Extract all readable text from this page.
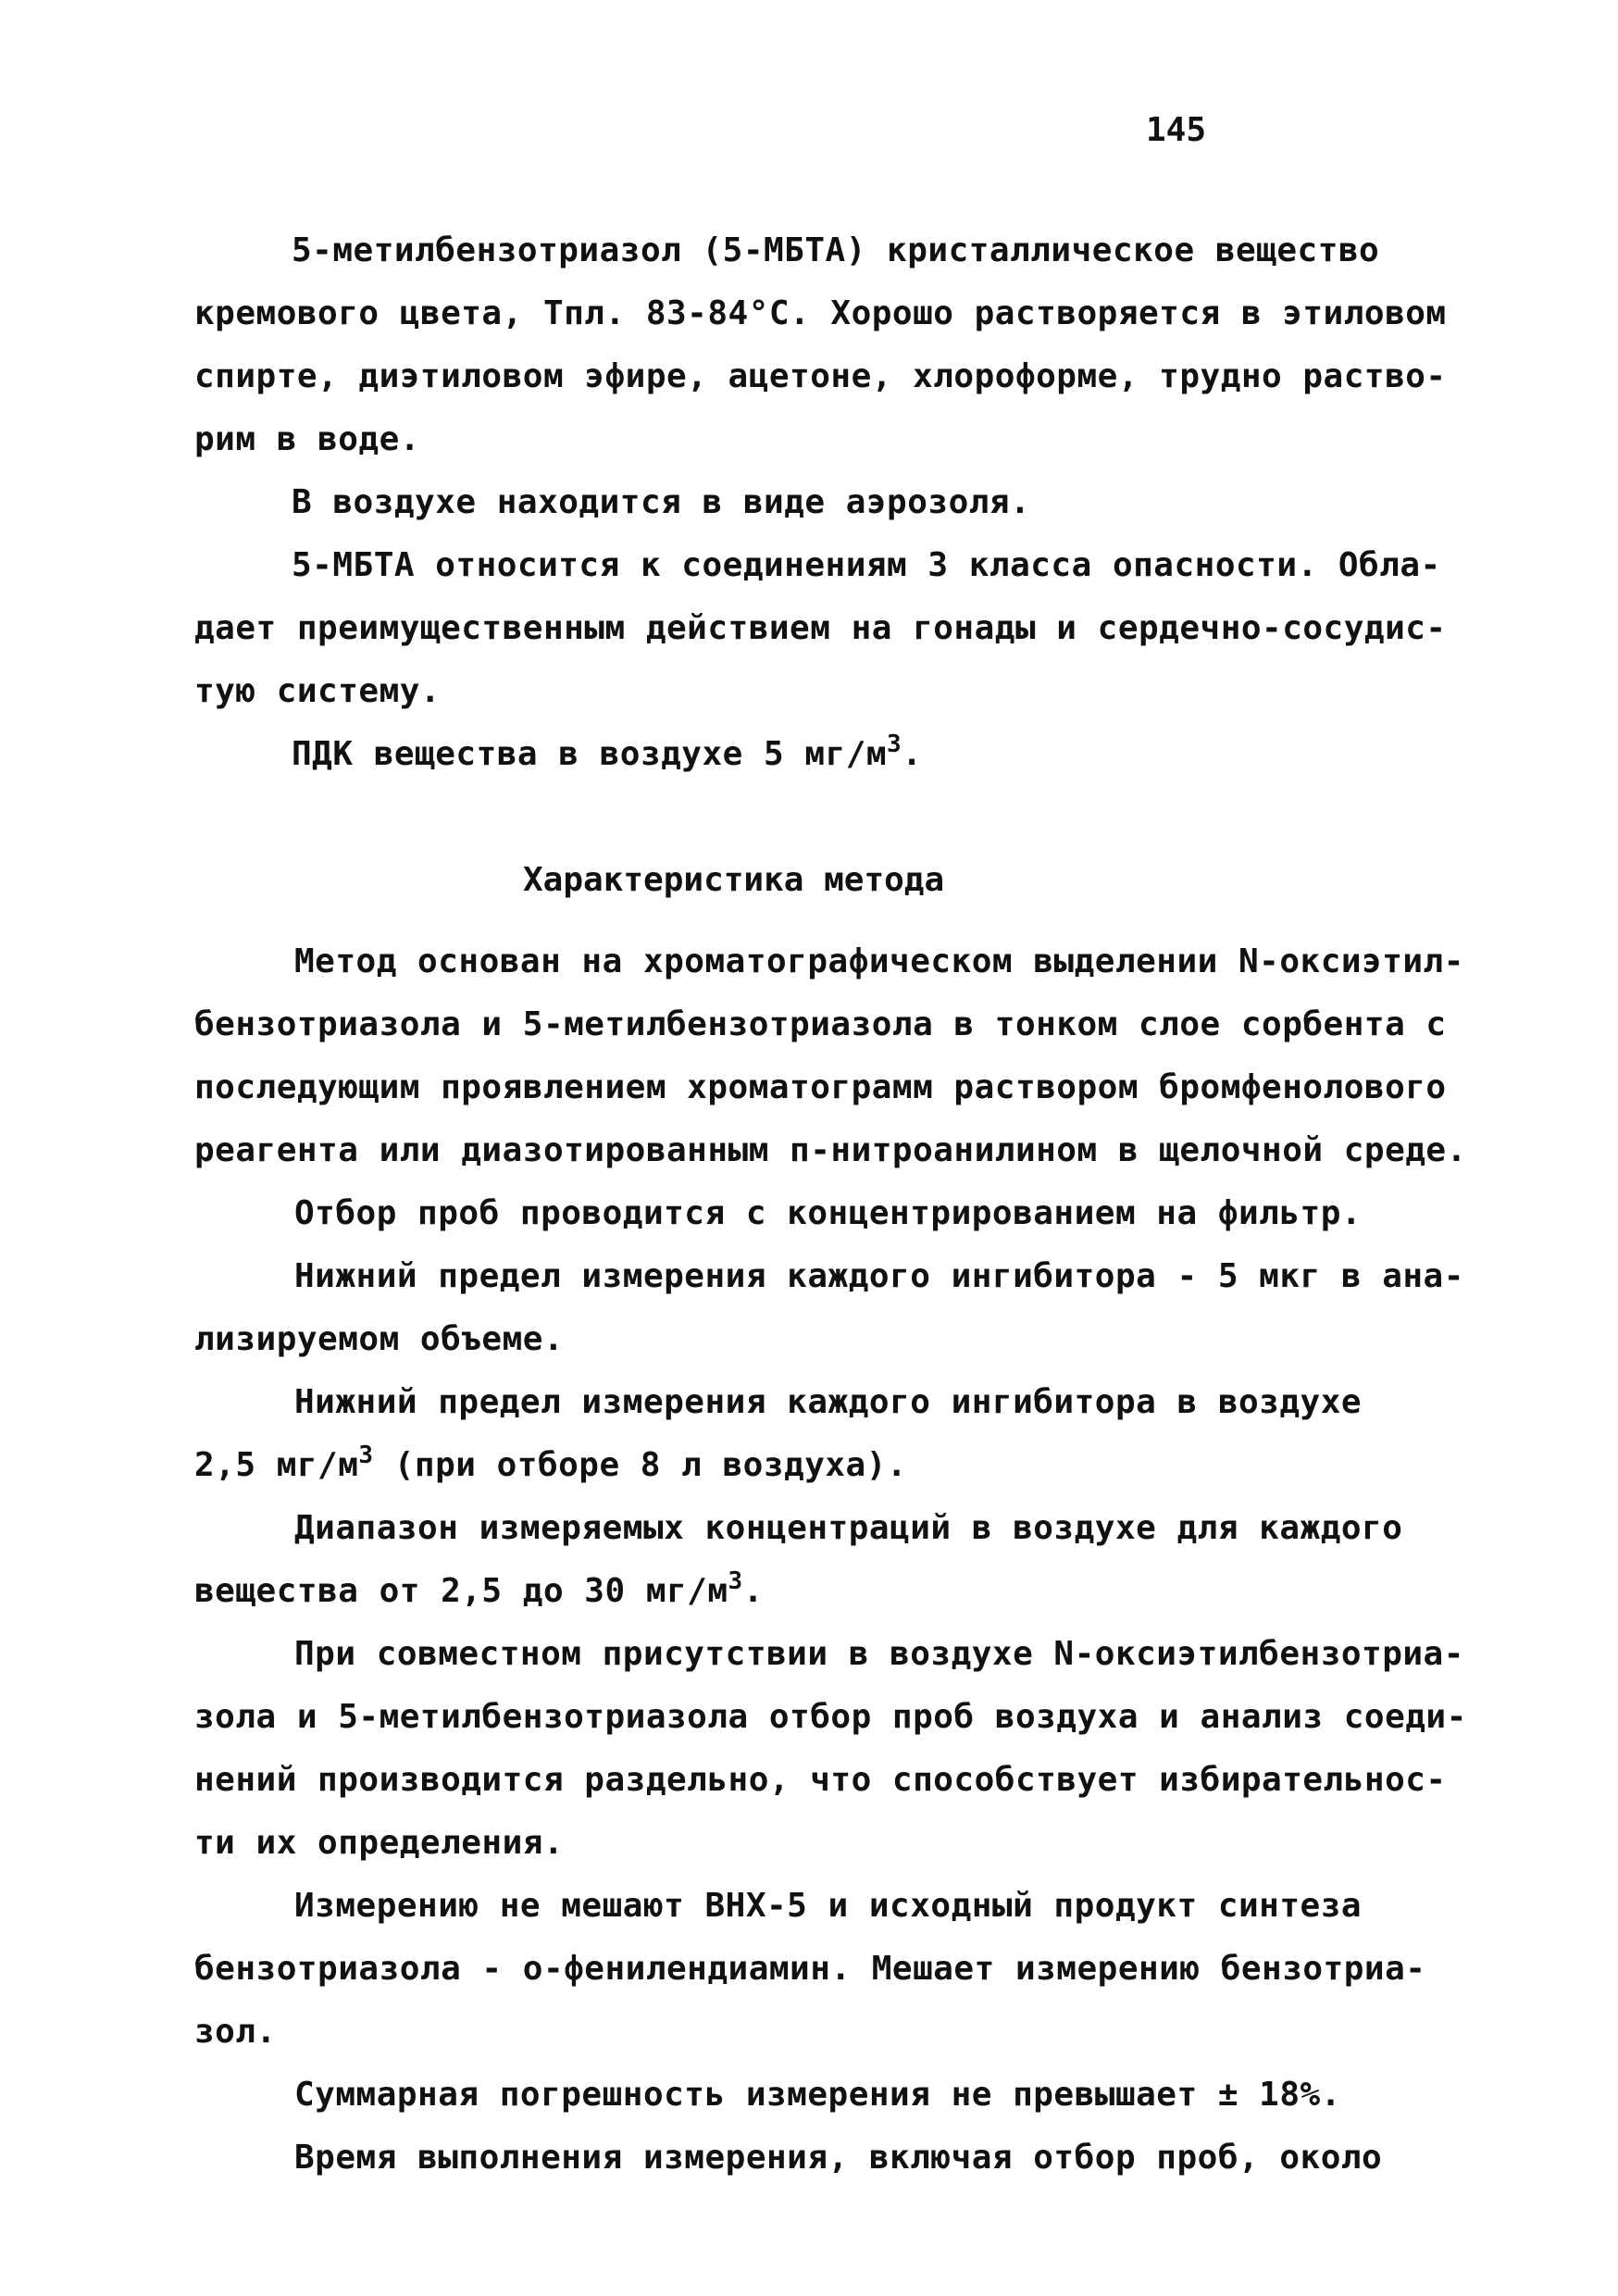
145
5-метилбензотриазол (5-МБТА) кристаллическое вещество
кремового цвета, Тпл. 83-84°С. Хорошо растворяется в этиловом
спирте, диэтиловом эфире, ацетоне, хлороформе, трудно раство-
рим в воде.
В воздухе находится в виде аэрозоля.
5-МБТА относится к соединениям 3 класса опасности. Обла-
дает преимущественным действием на гонады и сердечно-сосудис-
тую систему.
ПДК вещества в воздухе 5 $мг/м^3$.
Характеристика метода
Метод основан на хроматографическом выделении N-оксиэтил-
бензотриазола и 5-метилбензотриазола в тонком слое сорбента с
последующим проявлением хроматограмм раствором бромфенолового
реагента или диазотированным п-нитроанилином в щелочной среде.
Отбор проб проводится с концентрированием на фильтр.
Нижний предел измерения каждого ингибитора - 5 мкг в ана-
лизируемом объеме.
Нижний предел измерения каждого ингибитора в воздухе
2,5 $мг/м^3$ (при отборе 8 л воздуха).
Диапазон измеряемых концентраций в воздухе для каждого
вещества от 2,5 до 30 $мг/м^3$.
При совместном присутствии в воздухе N-оксиэтилбензотриа-
зола и 5-метилбензотриазола отбор проб воздуха и анализ соеди-
нений производится раздельно, что способствует избирательнос-
ти их определения.
Измерению не мешают ВНХ-5 и исходный продукт синтеза
бензотриазола - о-фенилендиамин. Мешает измерению бензотриа-
зол.
Суммарная погрешность измерения не превышает ± 18%.
Время выполнения измерения, включая отбор проб, около
